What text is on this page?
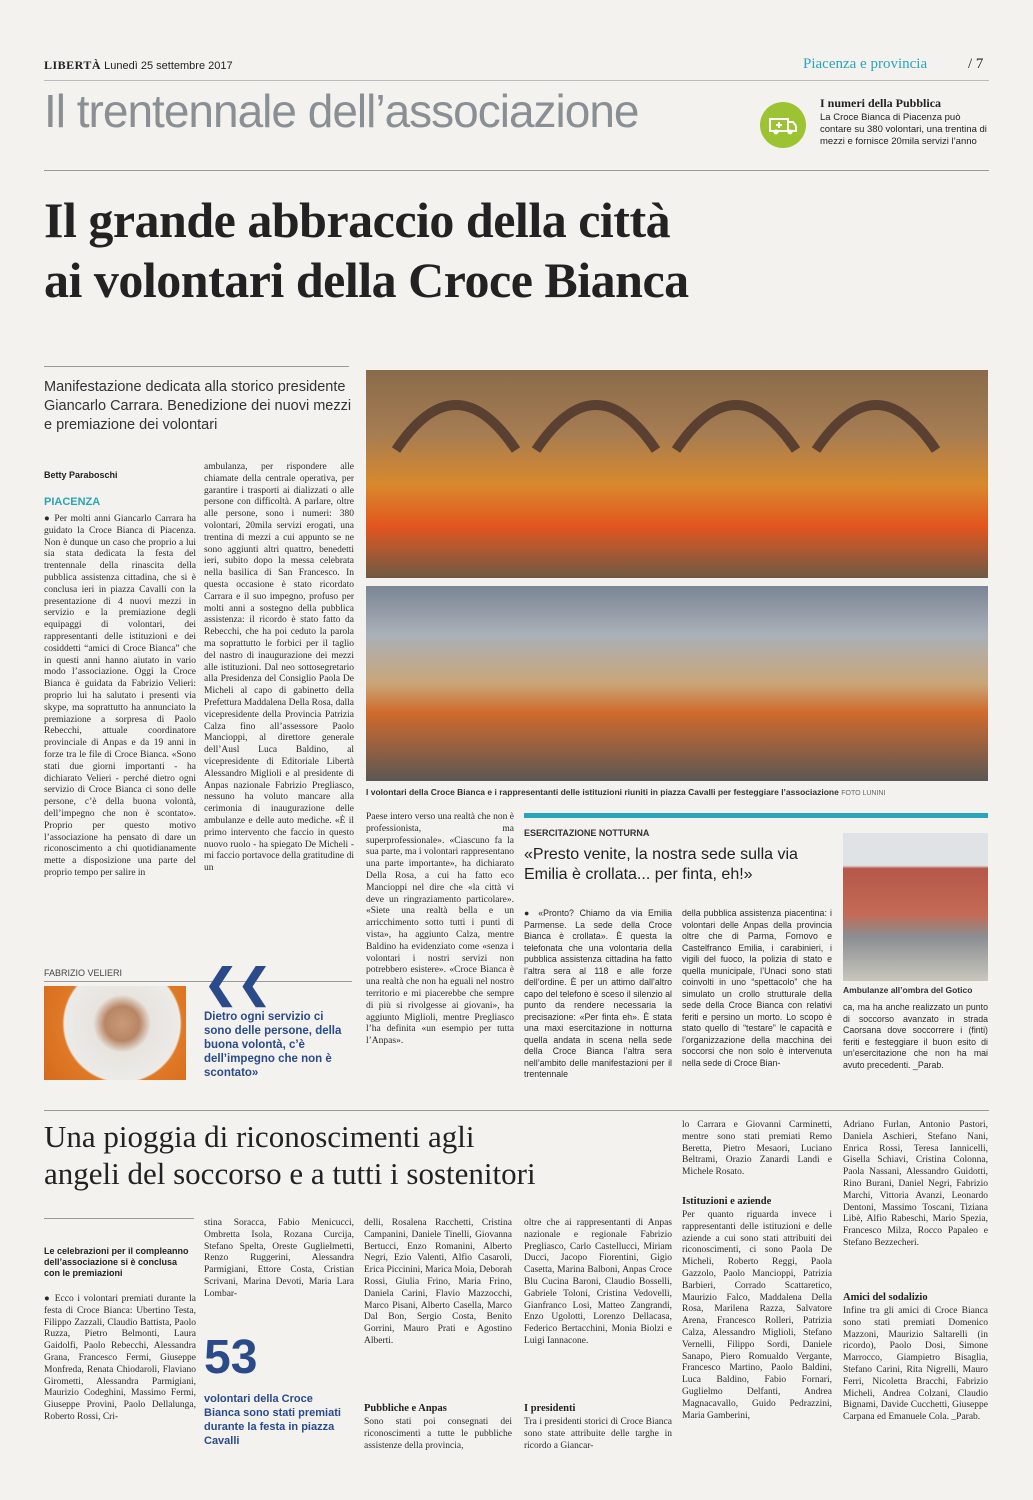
LIBERTÀ Lunedì 25 settembre 2017	Piacenza e provincia	/ 7
Il trentennale dell’associazione	I numeri della Pubblica
La Croce Bianca di Piacenza può contare su 380 volontari, una trentina di mezzi e fornisce 20mila servizi l’anno
Il grande abbraccio della città
ai volontari della Croce Bianca
Manifestazione dedicata alla storico presidente Giancarlo Carrara. Benedizione dei nuovi mezzi e premiazione dei volontari
Betty Paraboschi
PIACENZA
● Per molti anni Giancarlo Carrara ha guidato la Croce Bianca di Piacenza. Non è dunque un caso che proprio a lui sia stata dedicata la festa del trentennale della rinascita della pubblica assistenza cittadina, che si è conclusa ieri in piazza Cavalli con la presentazione di 4 nuovi mezzi in servizio e la premiazione degli equipaggi di volontari, dei rappresentanti delle istituzioni e dei cosiddetti “amici di Croce Bianca” che in questi anni hanno aiutato in vario modo l’associazione. Oggi la Croce Bianca è guidata da Fabrizio Velieri: proprio lui ha salutato i presenti via skype, ma soprattutto ha annunciato la premiazione a sorpresa di Paolo Rebecchi, attuale coordinatore provinciale di Anpas e da 19 anni in forze tra le file di Croce Bianca. «Sono stati due giorni importanti - ha dichiarato Velieri - perché dietro ogni servizio di Croce Bianca ci sono delle persone, c’è della buona volontà, dell’impegno che non è scontato». Proprio per questo motivo l’associazione ha pensato di dare un riconoscimento a chi quotidianamente mette a disposizione una parte del proprio tempo per salire in
ambulanza, per rispondere alle chiamate della centrale operativa, per garantire i trasporti ai dializzati o alle persone con difficoltà. A parlare, oltre alle persone, sono i numeri: 380 volontari, 20mila servizi erogati, una trentina di mezzi a cui appunto se ne sono aggiunti altri quattro, benedetti ieri, subito dopo la messa celebrata nella basilica di San Francesco. In questa occasione è stato ricordato Carrara e il suo impegno, profuso per molti anni a sostegno della pubblica assistenza: il ricordo è stato fatto da Rebecchi, che ha poi ceduto la parola ma soprattutto le forbici per il taglio del nastro di inaugurazione dei mezzi alle istituzioni. Dal neo sottosegretario alla Presidenza del Consiglio Paola De Micheli al capo di gabinetto della Prefettura Maddalena Della Rosa, dalla vicepresidente della Provincia Patrizia Calza fino all’assessore Paolo Mancioppi, al direttore generale dell’Ausl Luca Baldino, al vicepresidente di Editoriale Libertà Alessandro Miglioli e al presidente di Anpas nazionale Fabrizio Pregliasco, nessuno ha voluto mancare alla cerimonia di inaugurazione delle ambulanze e delle auto mediche. «È il primo intervento che faccio in questo nuovo ruolo - ha spiegato De Micheli - mi faccio portavoce della gratitudine di un
I volontari della Croce Bianca e i rappresentanti delle istituzioni riuniti in piazza Cavalli per festeggiare l’associazione FOTO LUNINI
Paese intero verso una realtà che non è professionista, ma superprofessionale». «Ciascuno fa la sua parte, ma i volontari rappresentano una parte importante», ha dichiarato Della Rosa, a cui ha fatto eco Mancioppi nel dire che «la città vi deve un ringraziamento particolare». «Siete una realtà bella e un arricchimento sotto tutti i punti di vista», ha aggiunto Calza, mentre Baldino ha evidenziato come «senza i volontari i nostri servizi non potrebbero esistere». «Croce Bianca è una realtà che non ha eguali nel nostro territorio e mi piacerebbe che sempre di più si rivolgesse ai giovani», ha aggiunto Miglioli, mentre Pregliasco l’ha definita «un esempio per tutta l’Anpas».
FABRIZIO VELIERI ❮❮
Dietro ogni servizio ci sono delle persone, della buona volontà, c’è dell’impegno che non è scontato»
ESERCITAZIONE NOTTURNA
«Presto venite, la nostra sede sulla via Emilia è crollata... per finta, eh!»
● «Pronto? Chiamo da via Emilia Parmense. La sede della Croce Bianca è crollata». È questa la telefonata che una volontaria della pubblica assistenza cittadina ha fatto l’altra sera al 118 e alle forze dell’ordine. È per un attimo dall’altro capo del telefono è sceso il silenzio al punto da rendere necessaria la precisazione: «Per finta eh». È stata una maxi esercitazione in notturna quella andata in scena nella sede della Croce Bianca l’altra sera nell’ambito delle manifestazioni per il trentennale
della pubblica assistenza piacentina: i volontari delle Anpas della provincia oltre che di Parma, Fornovo e Castelfranco Emilia, i carabinieri, i vigili del fuoco, la polizia di stato e quella municipale, l’Unaci sono stati coinvolti in uno “spettacolo” che ha simulato un crollo strutturale della sede della Croce Bianca con relativi feriti e persino un morto. Lo scopo è stato quello di “testare” le capacità e l’organizzazione della macchina dei soccorsi che non solo è intervenuta nella sede di Croce Bian-
Ambulanze all’ombra del Gotico
ca, ma ha anche realizzato un punto di soccorso avanzato in strada Caorsana dove soccorrere i (finti) feriti e festeggiare il buon esito di un’esercitazione che non ha mai avuto precedenti. _Parab.
Una pioggia di riconoscimenti agli
angeli del soccorso e a tutti i sostenitori
Le celebrazioni per il compleanno dell’associazione si è conclusa con le premiazioni
● Ecco i volontari premiati durante la festa di Croce Bianca: Ubertino Testa, Filippo Zazzali, Claudio Battista, Paolo Ruzza, Pietro Belmonti, Laura Gaidolfi, Paolo Rebecchi, Alessandra Grana, Francesco Fermi, Giuseppe Monfreda, Renata Chiodaroli, Flaviano Girometti, Alessandra Parmigiani, Maurizio Codeghini, Massimo Fermi, Giuseppe Provini, Paolo Dellalunga, Roberto Rossi, Cri-
stina Soracca, Fabio Menicucci, Ombretta Isola, Rozana Curcija, Stefano Spelta, Oreste Guglielmetti, Renzo Ruggerini, Alessandra Parmigiani, Ettore Costa, Cristian Scrivani, Marina Devoti, Maria Lara Lombar-
53
volontari della Croce Bianca sono stati premiati durante la festa in piazza Cavalli
delli, Rosalena Racchetti, Cristina Campanini, Daniele Tinelli, Giovanna Bertucci, Enzo Romanini, Alberto Negri, Ezio Valenti, Alfio Casaroli, Erica Piccinini, Marica Moia, Deborah Rossi, Giulia Frino, Maria Frino, Daniela Carini, Flavio Mazzocchi, Marco Pisani, Alberto Casella, Marco Dal Bon, Sergio Costa, Benito Gorrini, Mauro Prati e Agostino Alberti.
Pubbliche e Anpas
Sono stati poi consegnati dei riconoscimenti a tutte le pubbliche assistenze della provincia,
oltre che ai rappresentanti di Anpas nazionale e regionale Fabrizio Pregliasco, Carlo Castellucci, Miriam Ducci, Jacopo Fiorentini, Gigio Casetta, Marina Balboni, Anpas Croce Blu Cucina Baroni, Claudio Bosselli, Gabriele Toloni, Cristina Vedovelli, Gianfranco Losi, Matteo Zangrandi, Enzo Ugolotti, Lorenzo Dellacasa, Federico Bertacchini, Monia Biolzi e Luigi Iannacone.
I presidenti
Tra i presidenti storici di Croce Bianca sono state attribuite delle targhe in ricordo a Giancar-
lo Carrara e Giovanni Carminetti, mentre sono stati premiati Remo Beretta, Pietro Mesaori, Luciano Beltrami, Orazio Zanardi Landi e Michele Rosato.
Istituzioni e aziende
Per quanto riguarda invece i rappresentanti delle istituzioni e delle aziende a cui sono stati attribuiti dei riconoscimenti, ci sono Paola De Micheli, Roberto Reggi, Paola Gazzolo, Paolo Mancioppi, Patrizia Barbieri, Corrado Scattaretico, Maurizio Falco, Maddalena Della Rosa, Marilena Razza, Salvatore Arena, Francesco Rolleri, Patrizia Calza, Alessandro Miglioli, Stefano Vernelli, Filippo Sordi, Daniele Sanapo, Piero Romualdo Vergante, Francesco Martino, Paolo Baldini, Luca Baldino, Fabio Fornari, Guglielmo Delfanti, Andrea Magnacavallo, Guido Pedrazzini, Maria Gamberini,
Adriano Furlan, Antonio Pastori, Daniela Aschieri, Stefano Nani, Enrica Rossi, Teresa Iannicelli, Gisella Schiavi, Cristina Colonna, Paola Nassani, Alessandro Guidotti, Rino Burani, Daniel Negri, Fabrizio Marchi, Vittoria Avanzi, Leonardo Dentoni, Massimo Toscani, Tiziana Libè, Alfio Rabeschi, Mario Spezia, Francesco Milza, Rocco Papaleo e Stefano Bezzecheri.
Amici del sodalizio
Infine tra gli amici di Croce Bianca sono stati premiati Domenico Mazzoni, Maurizio Saltarelli (in ricordo), Paolo Dosi, Simone Marrocco, Giampietro Bisaglia, Stefano Carini, Rita Nigrelli, Mauro Ferri, Nicoletta Bracchi, Fabrizio Micheli, Andrea Colzani, Claudio Bignami, Davide Cucchetti, Giuseppe Carpana ed Emanuele Cola. _Parab.
